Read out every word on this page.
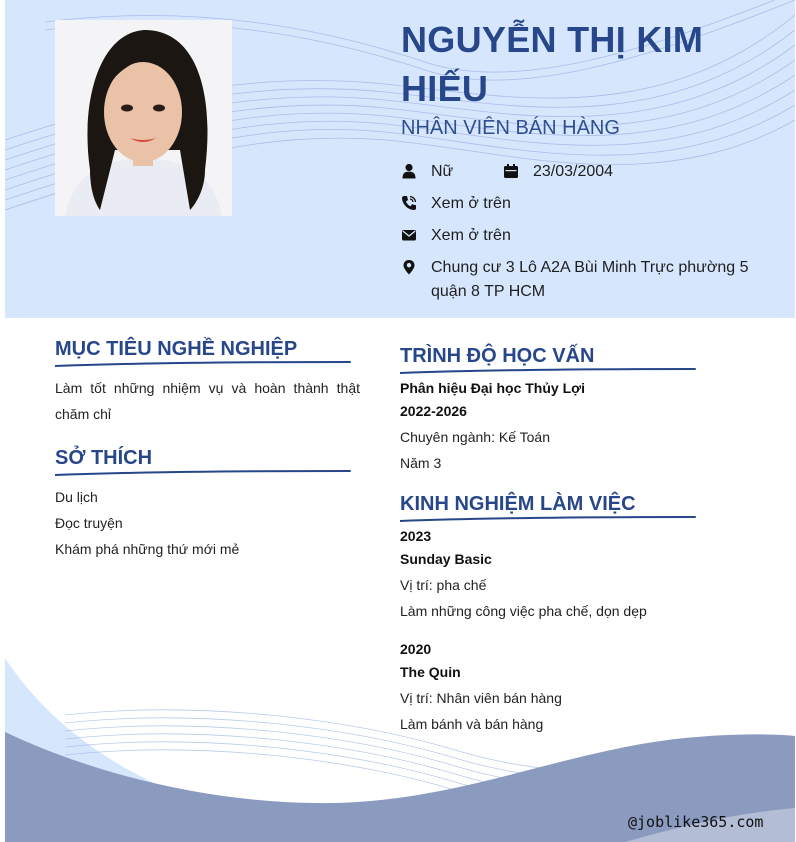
NGUYỄN THỊ KIM HIẾU
NHÂN VIÊN BÁN HÀNG
Nữ	23/03/2004
Xem ở trên
Xem ở trên
Chung cư 3 Lô A2A Bùi Minh Trực phường 5 quận 8 TP HCM
MỤC TIÊU NGHỀ NGHIỆP
Làm tốt những nhiệm vụ và hoàn thành thật chăm chỉ
SỞ THÍCH
Du lịch
Đọc truyện
Khám phá những thứ mới mẻ
TRÌNH ĐỘ HỌC VẤN
Phân hiệu Đại học Thủy Lợi
2022-2026
Chuyên ngành: Kế Toán
Năm 3
KINH NGHIỆM LÀM VIỆC
2023
Sunday Basic
Vị trí: pha chế
Làm những công việc pha chế, dọn dẹp
2020
The Quin
Vị trí: Nhân viên bán hàng
Làm bánh và bán hàng
@joblike365.com
